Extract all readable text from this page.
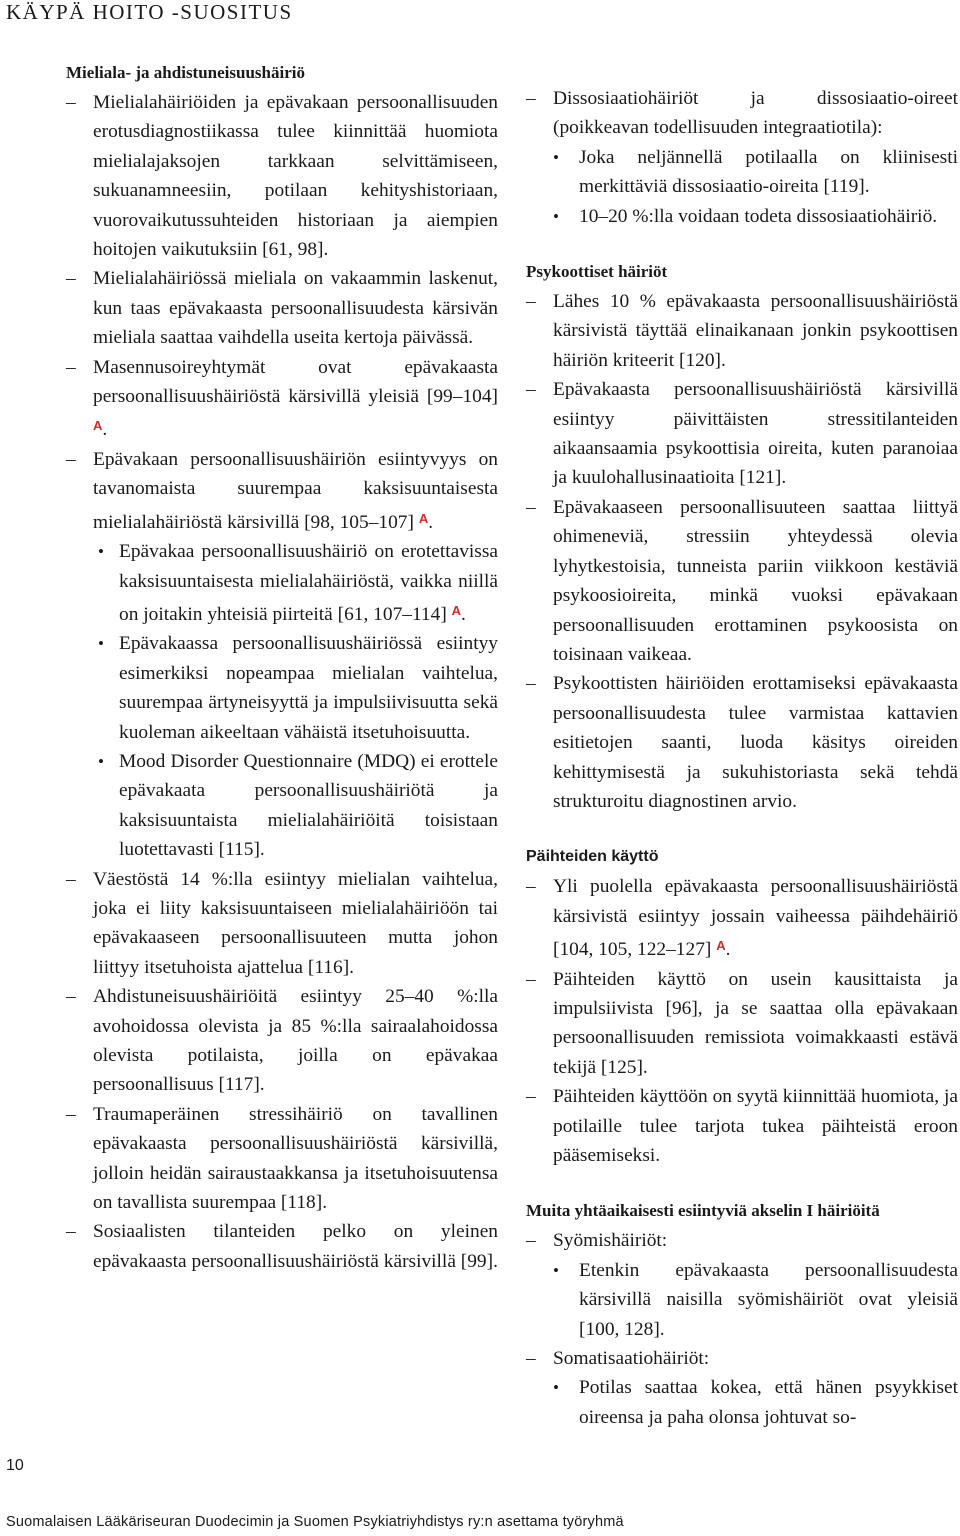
KÄYPÄ HOITO -SUOSITUS
Mieliala- ja ahdistuneisuushäiriö
– Mielialahäiriöiden ja epävakaan persoonallisuuden erotusdiagnostiikassa tulee kiinnittää huomiota mielialajaksojen tarkkaan selvittämiseen, sukuanamneesiin, potilaan kehityshistoriaan, vuorovaikutussuhteiden historiaan ja aiempien hoitojen vaikutuksiin [61, 98].
– Mielialahäiriössä mieliala on vakaammin laskenut, kun taas epävakaasta persoonallisuudesta kärsivän mieliala saattaa vaihdella useita kertoja päivässä.
– Masennusoireyhtymät ovat epävakaasta persoonallisuushäiriöstä kärsivillä yleisiä [99–104] $^A$.
– Epävakaan persoonallisuushäiriön esiintyvyys on tavanomaista suurempaa kaksisuuntaisesta mielialahäiriöstä kärsivillä [98, 105–107] $^A$.
• Epävakaa persoonallisuushäiriö on erotettavissa kaksisuuntaisesta mielialahäiriöstä, vaikka niillä on joitakin yhteisiä piirteitä [61, 107–114] $^A$.
• Epävakaassa persoonallisuushäiriössä esiintyy esimerkiksi nopeampaa mielialan vaihtelua, suurempaa ärtyneisyyttä ja impulsiivisuutta sekä kuoleman aikeeltaan vähäistä itsetuhoisuutta.
• Mood Disorder Questionnaire (MDQ) ei erottele epävakaata persoonallisuushäiriötä ja kaksisuuntaista mielialahäiriöitä toisistaan luotettavasti [115].
– Väestöstä 14 %:lla esiintyy mielialan vaihtelua, joka ei liity kaksisuuntaiseen mielialahäiriöön tai epävakaaseen persoonallisuuteen mutta johon liittyy itsetuhoista ajattelua [116].
– Ahdistuneisuushäiriöitä esiintyy 25–40 %:lla avohoidossa olevista ja 85 %:lla sairaalahoidossa olevista potilaista, joilla on epävakaa persoonallisuus [117].
– Traumaperäinen stressihäiriö on tavallinen epävakaasta persoonallisuushäiriöstä kärsivillä, jolloin heidän sairaustaakkansa ja itsetuhoisuutensa on tavallista suurempaa [118].
– Sosiaalisten tilanteiden pelko on yleinen epävakaasta persoonallisuushäiriöstä kärsivillä [99].
– Dissosiaatiohäiriöt ja dissosiaatio-oireet (poikkeavan todellisuuden integraatiotila):
• Joka neljännellä potilaalla on kliinisesti merkittäviä dissosiaatio-oireita [119].
• 10–20 %:lla voidaan todeta dissosiaatiohäiriö.
Psykoottiset häiriöt
– Lähes 10 % epävakaasta persoonallisuushäiriöstä kärsivistä täyttää elinaikanaan jonkin psykoottisen häiriön kriteerit [120].
– Epävakaasta persoonallisuushäiriöstä kärsivillä esiintyy päivittäisten stressitilanteiden aikaansaamia psykoottisia oireita, kuten paranoiaa ja kuulohallusinaatioita [121].
– Epävakaaseen persoonallisuuteen saattaa liittyä ohimeneviä, stressiin yhteydessä olevia lyhytkestoisia, tunneista pariin viikkoon kestäviä psykoosioireita, minkä vuoksi epävakaan persoonallisuuden erottaminen psykoosista on toisinaan vaikeaa.
– Psykoottisten häiriöiden erottamiseksi epävakaasta persoonallisuudesta tulee varmistaa kattavien esitietojen saanti, luoda käsitys oireiden kehittymisestä ja sukuhistoriasta sekä tehdä strukturoitu diagnostinen arvio.
Päihteiden käyttö
– Yli puolella epävakaasta persoonallisuushäiriöstä kärsivistä esiintyy jossain vaiheessa päihdehäiriö [104, 105, 122–127] $^A$.
– Päihteiden käyttö on usein kausittaista ja impulsiivista [96], ja se saattaa olla epävakaan persoonallisuuden remissiota voimakkaasti estävä tekijä [125].
– Päihteiden käyttöön on syytä kiinnittää huomiota, ja potilaille tulee tarjota tukea päihteistä eroon pääsemiseksi.
Muita yhtäaikaisesti esiintyviä akselin I häiriöitä
– Syömishäiriöt:
• Etenkin epävakaasta persoonallisuudesta kärsivillä naisilla syömishäiriöt ovat yleisiä [100, 128].
– Somatisaatiohäiriöt:
• Potilas saattaa kokea, että hänen psyykkiset oireensa ja paha olonsa johtuvat so-
10
Suomalaisen Lääkäriseuran Duodecimin ja Suomen Psykiatriyhdistys ry:n asettama työryhmä
